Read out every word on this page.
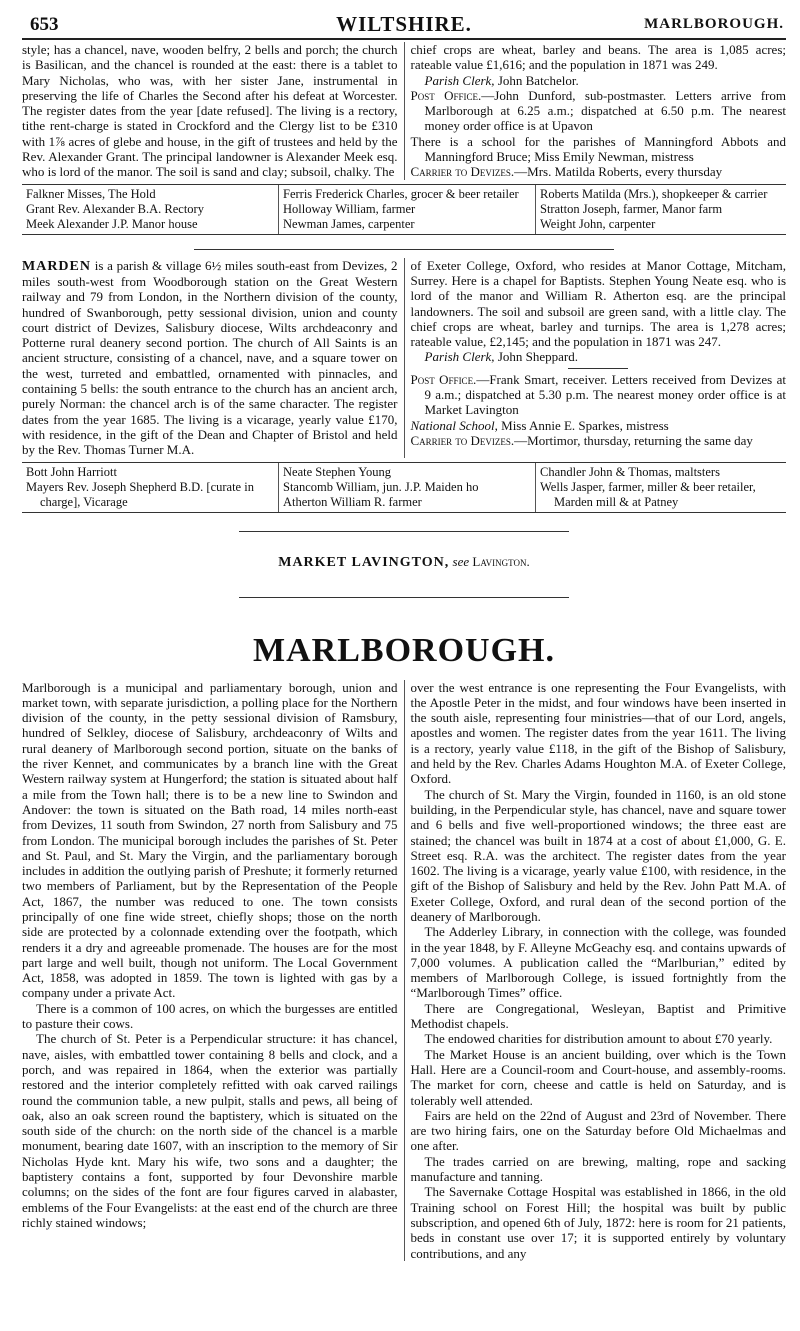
653	WILTSHIRE.	MARLBOROUGH.

style; has a chancel, nave, wooden belfry, 2 bells and porch; the church is Basilican, and the chancel is rounded at the east: there is a tablet to Mary Nicholas, who was, with her sister Jane, instrumental in preserving the life of Charles the Second after his defeat at Worcester. The register dates from the year [date refused]. The living is a rectory, tithe rent-charge is stated in Crockford and the Clergy list to be £310 with 1⅞ acres of glebe and house, in the gift of trustees and held by the Rev. Alexander Grant. The principal landowner is Alexander Meek esq. who is lord of the manor. The soil is sand and clay; subsoil, chalky. The

chief crops are wheat, barley and beans. The area is 1,085 acres; rateable value £1,616; and the population in 1871 was 249.

Parish Clerk, John Batchelor.

Post Office.—John Dunford, sub-postmaster. Letters arrive from Marlborough at 6.25 a.m.; dispatched at 6.50 p.m. The nearest money order office is at Upavon

There is a school for the parishes of Manningford Abbots and Manningford Bruce; Miss Emily Newman, mistress

Carrier to Devizes.—Mrs. Matilda Roberts, every thursday

Falkner Misses, The Hold
Grant Rev. Alexander B.A. Rectory
Meek Alexander J.P. Manor house
Ferris Frederick Charles, grocer & beer retailer
Holloway William, farmer
Newman James, carpenter
Roberts Matilda (Mrs.), shopkeeper & carrier
Stratton Joseph, farmer, Manor farm
Weight John, carpenter

MARDEN is a parish & village 6½ miles south-east from Devizes, 2 miles south-west from Woodborough station on the Great Western railway and 79 from London, in the Northern division of the county, hundred of Swanborough, petty sessional division, union and county court district of Devizes, Salisbury diocese, Wilts archdeaconry and Potterne rural deanery second portion. The church of All Saints is an ancient structure, consisting of a chancel, nave, and a square tower on the west, turreted and embattled, ornamented with pinnacles, and containing 5 bells: the south entrance to the church has an ancient arch, purely Norman: the chancel arch is of the same character. The register dates from the year 1685. The living is a vicarage, yearly value £170, with residence, in the gift of the Dean and Chapter of Bristol and held by the Rev. Thomas Turner M.A.

of Exeter College, Oxford, who resides at Manor Cottage, Mitcham, Surrey. Here is a chapel for Baptists. Stephen Young Neate esq. who is lord of the manor and William R. Atherton esq. are the principal landowners. The soil and subsoil are green sand, with a little clay. The chief crops are wheat, barley and turnips. The area is 1,278 acres; rateable value, £2,145; and the population in 1871 was 247.

Parish Clerk, John Sheppard.

Post Office.—Frank Smart, receiver. Letters received from Devizes at 9 a.m.; dispatched at 5.30 p.m. The nearest money order office is at Market Lavington

National School, Miss Annie E. Sparkes, mistress

Carrier to Devizes.—Mortimor, thursday, returning the same day

Bott John Harriott
Mayers Rev. Joseph Shepherd B.D. [curate in charge], Vicarage
Neate Stephen Young
Stancomb William, jun. J.P. Maiden ho
Atherton William R. farmer
Chandler John & Thomas, maltsters
Wells Jasper, farmer, miller & beer retailer, Marden mill & at Patney
MARKET LAVINGTON, see Lavington.
MARLBOROUGH.

Marlborough is a municipal and parliamentary borough, union and market town, with separate jurisdiction, a polling place for the Northern division of the county, in the petty sessional division of Ramsbury, hundred of Selkley, diocese of Salisbury, archdeaconry of Wilts and rural deanery of Marlborough second portion, situate on the banks of the river Kennet, and communicates by a branch line with the Great Western railway system at Hungerford; the station is situated about half a mile from the Town hall; there is to be a new line to Swindon and Andover: the town is situated on the Bath road, 14 miles north-east from Devizes, 11 south from Swindon, 27 north from Salisbury and 75 from London. The municipal borough includes the parishes of St. Peter and St. Paul, and St. Mary the Virgin, and the parliamentary borough includes in addition the outlying parish of Preshute; it formerly returned two members of Parliament, but by the Representation of the People Act, 1867, the number was reduced to one. The town consists principally of one fine wide street, chiefly shops; those on the north side are protected by a colonnade extending over the footpath, which renders it a dry and agreeable promenade. The houses are for the most part large and well built, though not uniform. The Local Government Act, 1858, was adopted in 1859. The town is lighted with gas by a company under a private Act.

There is a common of 100 acres, on which the burgesses are entitled to pasture their cows.

The church of St. Peter is a Perpendicular structure: it has chancel, nave, aisles, with embattled tower containing 8 bells and clock, and a porch, and was repaired in 1864, when the exterior was partially restored and the interior completely refitted with oak carved railings round the communion table, a new pulpit, stalls and pews, all being of oak, also an oak screen round the baptistery, which is situated on the south side of the church: on the north side of the chancel is a marble monument, bearing date 1607, with an inscription to the memory of Sir Nicholas Hyde knt. Mary his wife, two sons and a daughter; the baptistery contains a font, supported by four Devonshire marble columns; on the sides of the font are four figures carved in alabaster, emblems of the Four Evangelists: at the east end of the church are three richly stained windows;

over the west entrance is one representing the Four Evangelists, with the Apostle Peter in the midst, and four windows have been inserted in the south aisle, representing four ministries—that of our Lord, angels, apostles and women. The register dates from the year 1611. The living is a rectory, yearly value £118, in the gift of the Bishop of Salisbury, and held by the Rev. Charles Adams Houghton M.A. of Exeter College, Oxford.

The church of St. Mary the Virgin, founded in 1160, is an old stone building, in the Perpendicular style, has chancel, nave and square tower and 6 bells and five well-proportioned windows; the three east are stained; the chancel was built in 1874 at a cost of about £1,000, G. E. Street esq. R.A. was the architect. The register dates from the year 1602. The living is a vicarage, yearly value £100, with residence, in the gift of the Bishop of Salisbury and held by the Rev. John Patt M.A. of Exeter College, Oxford, and rural dean of the second portion of the deanery of Marlborough.

The Adderley Library, in connection with the college, was founded in the year 1848, by F. Alleyne McGeachy esq. and contains upwards of 7,000 volumes. A publication called the “Marlburian,” edited by members of Marlborough College, is issued fortnightly from the “Marlborough Times” office.

There are Congregational, Wesleyan, Baptist and Primitive Methodist chapels.

The endowed charities for distribution amount to about £70 yearly.

The Market House is an ancient building, over which is the Town Hall. Here are a Council-room and Court-house, and assembly-rooms. The market for corn, cheese and cattle is held on Saturday, and is tolerably well attended.

Fairs are held on the 22nd of August and 23rd of November. There are two hiring fairs, one on the Saturday before Old Michaelmas and one after.

The trades carried on are brewing, malting, rope and sacking manufacture and tanning.

The Savernake Cottage Hospital was established in 1866, in the old Training school on Forest Hill; the hospital was built by public subscription, and opened 6th of July, 1872: here is room for 21 patients, beds in constant use over 17; it is supported entirely by voluntary contributions, and any
